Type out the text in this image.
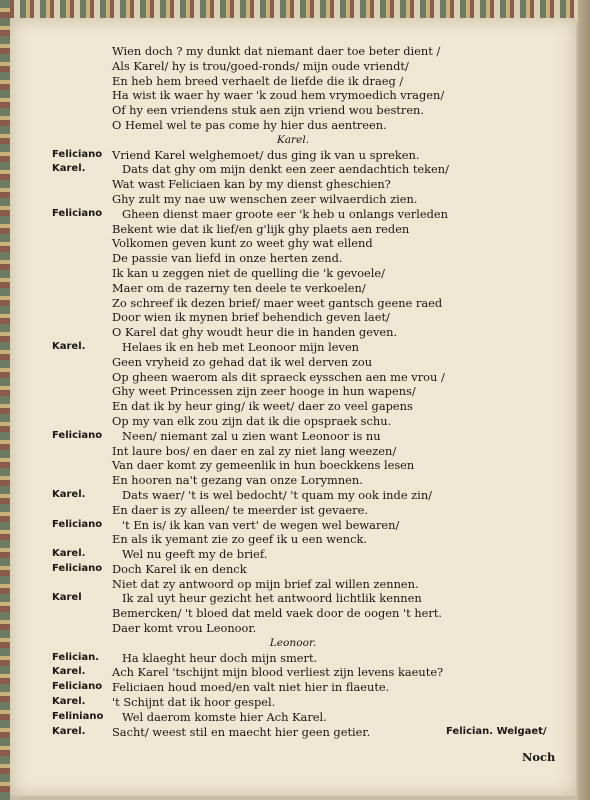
Wien doch ? my dunkt dat niemant daer toe beter dient /
Als Karel/ hy is trou/goed-ronds/ mijn oude vriendt/
En heb hem breed verhaelt de liefde die ik draeg /
Ha wist ik waer hy waer 'k zoud hem vrymoedich vragen/
Of hy een vriendens stuk aen zijn vriend wou bestren.
O Hemel wel te pas come hy hier dus aentreen.
Karel.
Feliciano Vriend Karel welghemoet/ dus ging ik van u spreken.
Karel.	Dats dat ghy om mijn denkt een zeer aendachtich teken/
Wat wast Feliciaen kan by my dienst gheschien?
Ghy zult my nae uw wenschen zeer wilvaerdich zien.
Feliciano Gheen dienst maer groote eer 'k heb u onlangs verleden
Bekent wie dat ik lief/en g'lijk ghy plaets aen reden
Volkomen geven kunt zo weet ghy wat ellend
De passie van liefd in onze herten zend.
Ik kan u zeggen niet de quelling die 'k gevoele/
Maer om de razerny ten deele te verkoelen/
Zo schreef ik dezen brief/ maer weet gantsch geene raed
Door wien ik mynen brief behendich geven laet/
O Karel dat ghy woudt heur die in handen geven.
Karel.	Helaes ik en heb met Leonoor mijn leven
Geen vryheid zo gehad dat ik wel derven zou
Op gheen waerom als dit spraeck eysschen aen me vrou /
Ghy weet Princessen zijn zeer hooge in hun wapens/
En dat ik by heur ging/ ik weet/ daer zo veel gapens
Op my van elk zou zijn dat ik die opspraek schu.
Feliciano Neen/ niemant zal u zien want Leonoor is nu
Int laure bos/ en daer en zal zy niet lang weezen/
Van daer komt zy gemeenlik in hun boeckkens lesen
En hooren na't gezang van onze Lorymnen.
Karel.	Dats waer/ 't is wel bedocht/ 't quam my ook inde zin/
En daer is zy alleen/ te meerder ist gevaere.
Feliciano 't En is/ ik kan van vert' de wegen wel bewaren/
En als ik yemant zie zo geef ik u een wenck.
Karel.	Wel nu geeft my de brief.
Feliciano Doch Karel ik en denck
Niet dat zy antwoord op mijn brief zal willen zennen.
Karel	Ik zal uyt heur gezicht het antwoord lichtlik kennen
Bemercken/ 't bloed dat meld vaek door de oogen 't hert.
Daer komt vrou Leonoor.
Leonoor.
Felician. Ha klaeght heur doch mijn smert.
Karel. Ach Karel 'tschijnt mijn blood verliest zijn levens kaeute?
Feliciano Feliciaen houd moed/en valt niet hier in flaeute.
Karel. 't Schijnt dat ik hoor gespel.
Feliniano Wel daerom komste hier Ach Karel.
Karel. Sacht/ weest stil en maecht hier geen getier.	Felician. Welgaet/
Noch
